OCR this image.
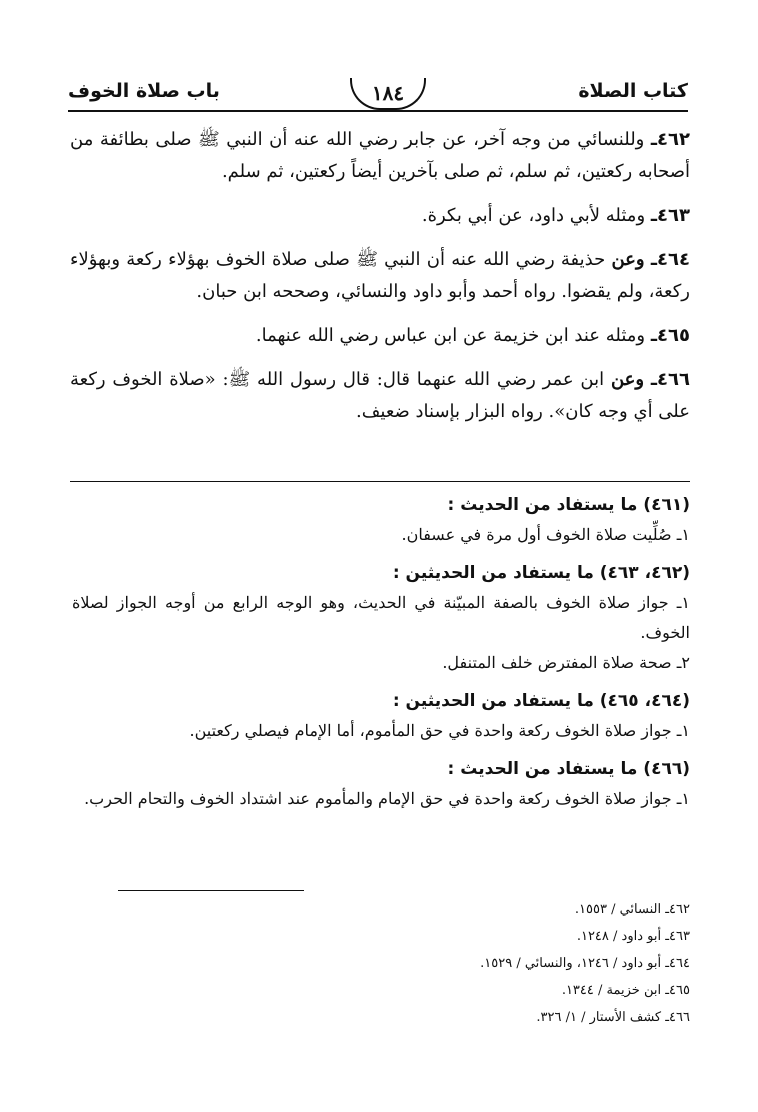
كتاب الصلاة
١٨٤
باب صلاة الخوف

٤٦٢ـ وللنسائي من وجه آخر، عن جابر رضي الله عنه أن النبي ﷺ صلى بطائفة من أصحابه ركعتين، ثم سلم، ثم صلى بآخرين أيضاً ركعتين، ثم سلم.

٤٦٣ـ ومثله لأبي داود، عن أبي بكرة.

٤٦٤ـ وعن حذيفة رضي الله عنه أن النبي ﷺ صلى صلاة الخوف بهؤلاء ركعة وبهؤلاء ركعة، ولم يقضوا. رواه أحمد وأبو داود والنسائي، وصححه ابن حبان.

٤٦٥ـ ومثله عند ابن خزيمة عن ابن عباس رضي الله عنهما.

٤٦٦ـ وعن ابن عمر رضي الله عنهما قال: قال رسول الله ﷺ: «صلاة الخوف ركعة على أي وجه كان». رواه البزار بإسناد ضعيف.

(٤٦١) ما يستفاد من الحديث :
١ـ صُلِّيت صلاة الخوف أول مرة في عسفان.
(٤٦٢، ٤٦٣) ما يستفاد من الحديثين :
١ـ جواز صلاة الخوف بالصفة المبيّنة في الحديث، وهو الوجه الرابع من أوجه الجواز لصلاة الخوف.
٢ـ صحة صلاة المفترض خلف المتنفل.
(٤٦٤، ٤٦٥) ما يستفاد من الحديثين :
١ـ جواز صلاة الخوف ركعة واحدة في حق المأموم، أما الإمام فيصلي ركعتين.
(٤٦٦) ما يستفاد من الحديث :
١ـ جواز صلاة الخوف ركعة واحدة في حق الإمام والمأموم عند اشتداد الخوف والتحام الحرب.
٤٦٢ـ النسائي / ١٥٥٣.
٤٦٣ـ أبو داود / ١٢٤٨.
٤٦٤ـ أبو داود / ١٢٤٦، والنسائي / ١٥٢٩.
٤٦٥ـ ابن خزيمة / ١٣٤٤.
٤٦٦ـ كشف الأستار / ١/ ٣٢٦.
